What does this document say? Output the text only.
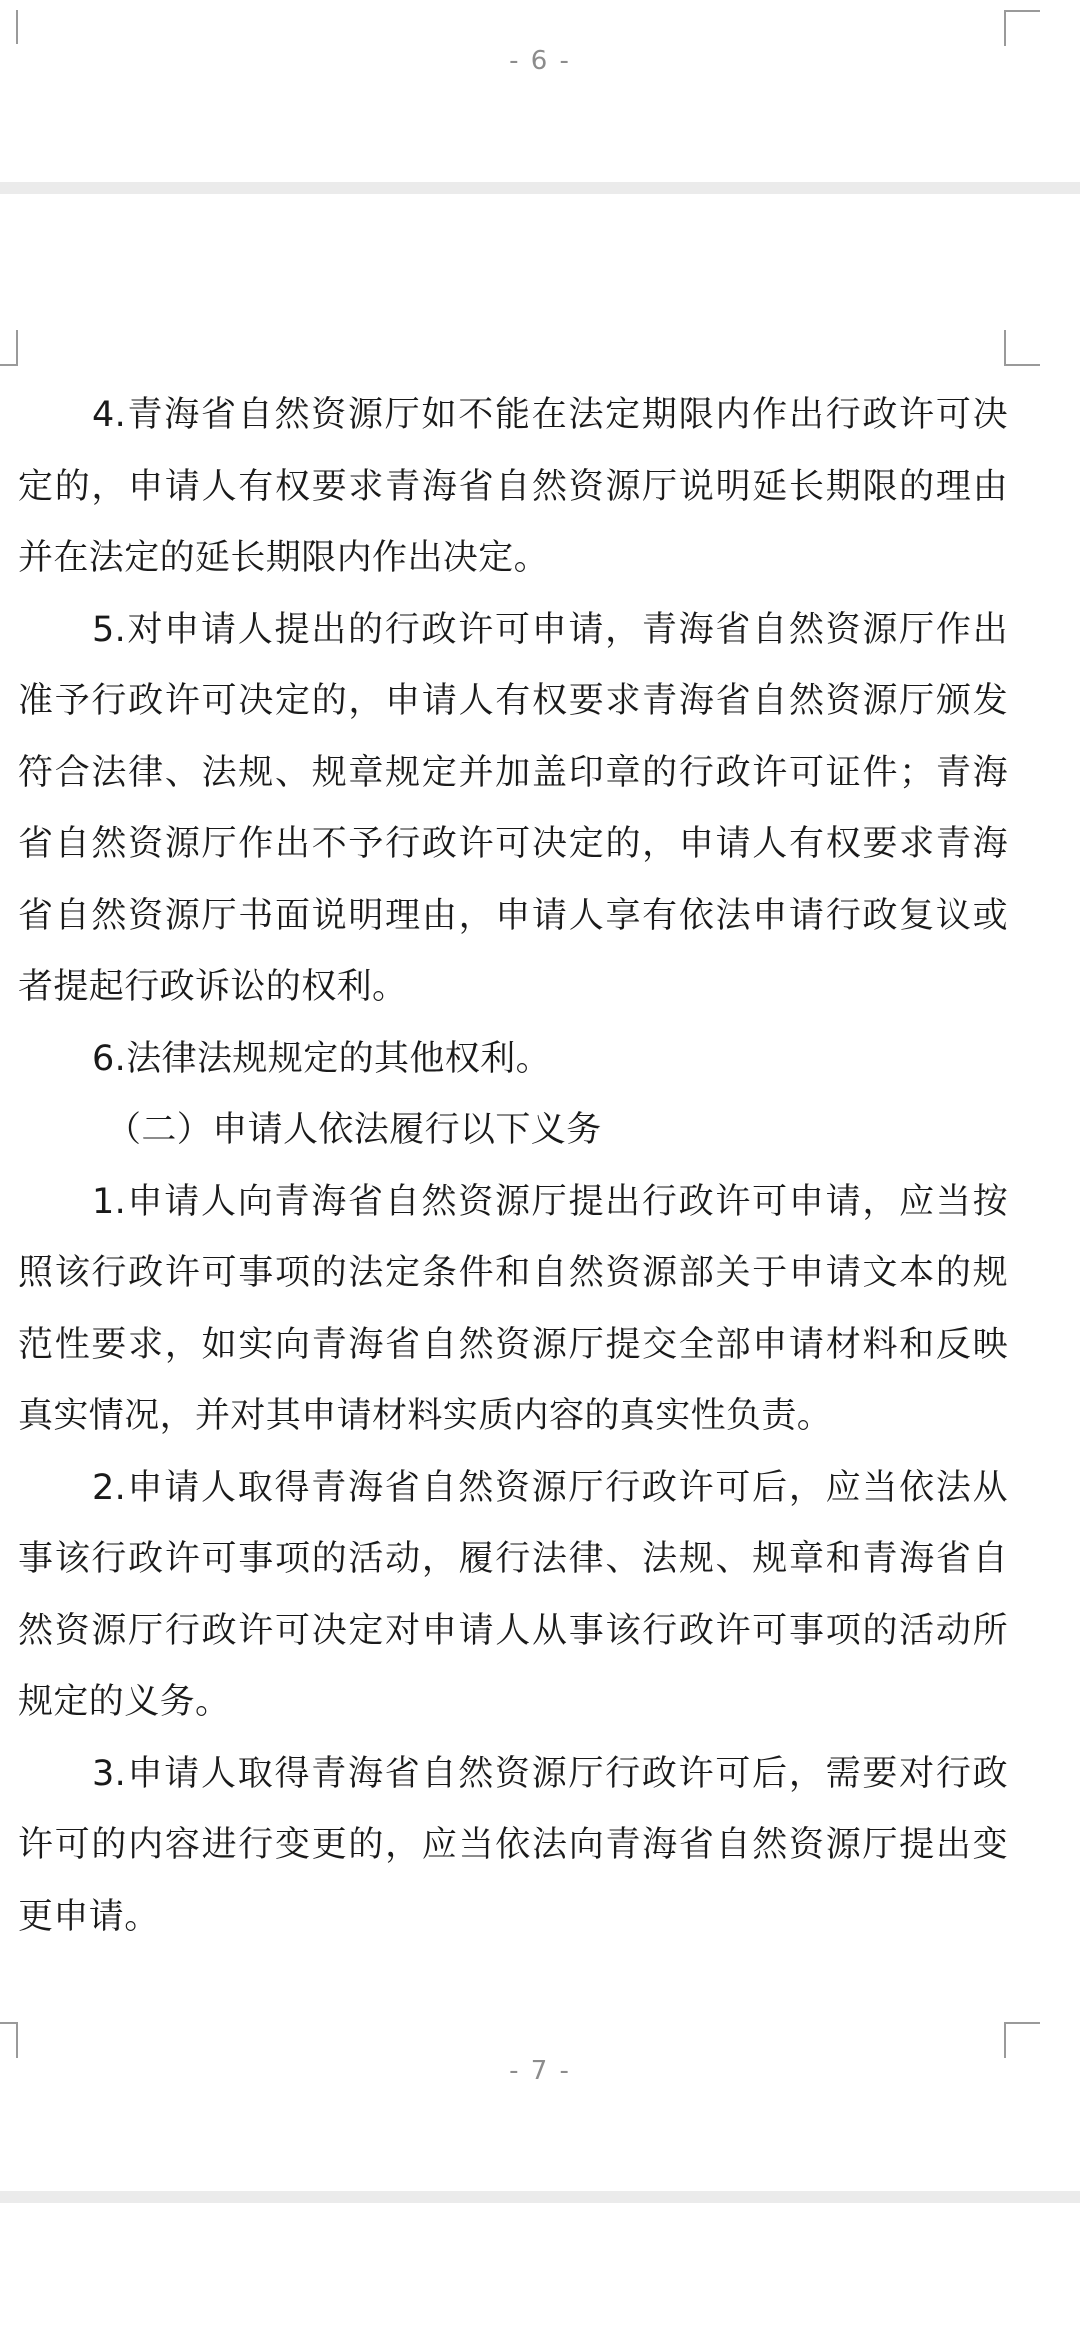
- 6 -

4.青海省自然资源厅如不能在法定期限内作出行政许可决定的，申请人有权要求青海省自然资源厅说明延长期限的理由并在法定的延长期限内作出决定。

5.对申请人提出的行政许可申请，青海省自然资源厅作出准予行政许可决定的，申请人有权要求青海省自然资源厅颁发符合法律、法规、规章规定并加盖印章的行政许可证件；青海省自然资源厅作出不予行政许可决定的，申请人有权要求青海省自然资源厅书面说明理由，申请人享有依法申请行政复议或者提起行政诉讼的权利。

6.法律法规规定的其他权利。

（二）申请人依法履行以下义务

1.申请人向青海省自然资源厅提出行政许可申请，应当按照该行政许可事项的法定条件和自然资源部关于申请文本的规范性要求，如实向青海省自然资源厅提交全部申请材料和反映真实情况，并对其申请材料实质内容的真实性负责。

2.申请人取得青海省自然资源厅行政许可后，应当依法从事该行政许可事项的活动，履行法律、法规、规章和青海省自然资源厅行政许可决定对申请人从事该行政许可事项的活动所规定的义务。

3.申请人取得青海省自然资源厅行政许可后，需要对行政许可的内容进行变更的，应当依法向青海省自然资源厅提出变更申请。

- 7 -
